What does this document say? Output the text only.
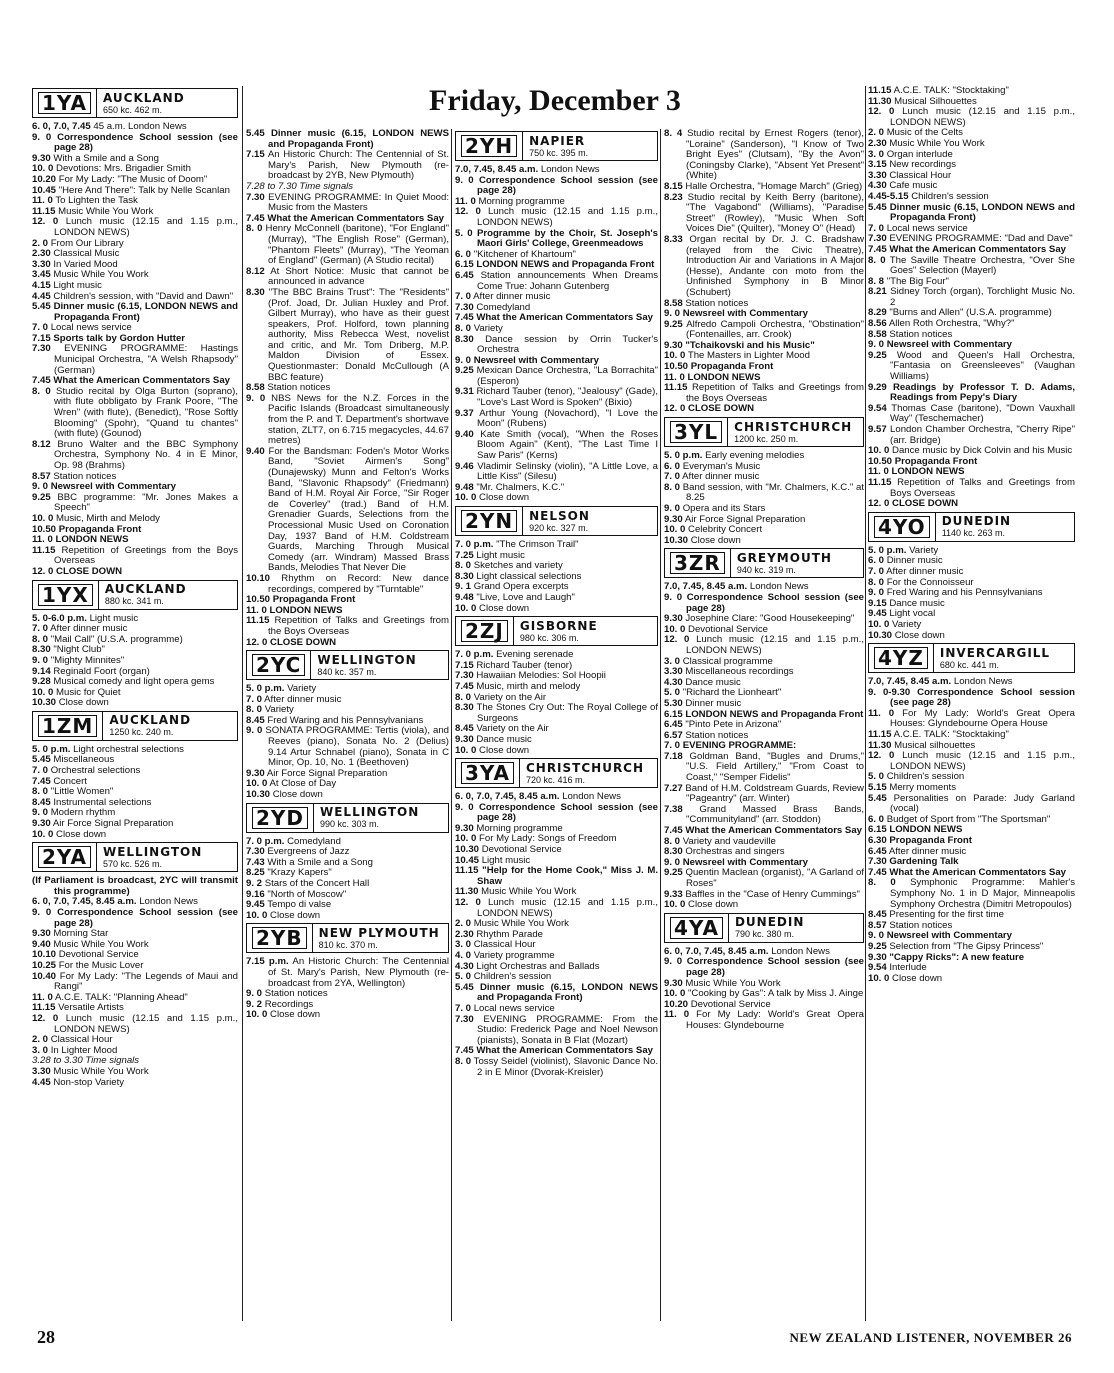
Friday, December 3
1YA	AUCKLAND
650 kc. 462 m.

6. 0, 7.0, 7.45 45 a.m. London News

9. 0 Correspondence School session (see page 28)

9.30 With a Smile and a Song

10. 0 Devotions: Mrs. Brigadier Smith

10.20 For My Lady: "The Music of Doom"

10.45 "Here And There": Talk by Nelle Scanlan

11. 0 To Lighten the Task

11.15 Music While You Work

12. 0 Lunch music (12.15 and 1.15 p.m., LONDON NEWS)

2. 0 From Our Library

2.30 Classical Music

3.30 In Varied Mood

3.45 Music While You Work

4.15 Light music

4.45 Children's session, with "David and Dawn"

5.45 Dinner music (6.15, LONDON NEWS and Propaganda Front)

7. 0 Local news service

7.15 Sports talk by Gordon Hutter

7.30 EVENING PROGRAMME: Hastings Municipal Orchestra, "A Welsh Rhapsody" (German)

7.45 What the American Commentators Say

8. 0 Studio recital by Olga Burton (soprano), with flute obbligato by Frank Poore, "The Wren" (with flute), (Benedict), "Rose Softly Blooming" (Spohr), "Quand tu chantes" (with flute) (Gounod)

8.12 Bruno Walter and the BBC Symphony Orchestra, Symphony No. 4 in E Minor, Op. 98 (Brahms)

8.57 Station notices

9. 0 Newsreel with Commentary

9.25 BBC programme: "Mr. Jones Makes a Speech"

10. 0 Music, Mirth and Melody

10.50 Propaganda Front

11. 0 LONDON NEWS

11.15 Repetition of Greetings from the Boys Overseas

12. 0 CLOSE DOWN

1YX	AUCKLAND
880 kc. 341 m.

5. 0-6.0 p.m. Light music

7. 0 After dinner music

8. 0 "Mail Call" (U.S.A. programme)

8.30 "Night Club"

9. 0 "Mighty Minnites"

9.14 Reginald Foort (organ)

9.28 Musical comedy and light opera gems

10. 0 Music for Quiet

10.30 Close down

1ZM	AUCKLAND
1250 kc. 240 m.

5. 0 p.m. Light orchestral selections

5.45 Miscellaneous

7. 0 Orchestral selections

7.45 Concert

8. 0 "Little Women"

8.45 Instrumental selections

9. 0 Modern rhythm

9.30 Air Force Signal Preparation

10. 0 Close down

2YA	WELLINGTON
570 kc. 526 m.

(If Parliament is broadcast, 2YC will transmit this programme)

6. 0, 7.0, 7.45, 8.45 a.m. London News

9. 0 Correspondence School session (see page 28)

9.30 Morning Star

9.40 Music While You Work

10.10 Devotional Service

10.25 For the Music Lover

10.40 For My Lady: "The Legends of Maui and Rangi"

11. 0 A.C.E. TALK: "Planning Ahead"

11.15 Versatile Artists

12. 0 Lunch music (12.15 and 1.15 p.m., LONDON NEWS)

2. 0 Classical Hour

3. 0 In Lighter Mood

3.28 to 3.30 Time signals

3.30 Music While You Work

4.45 Non-stop Variety

5.45 Dinner music (6.15, LONDON NEWS and Propaganda Front)

7.15 An Historic Church: The Centennial of St. Mary's Parish, New Plymouth (re-broadcast by 2YB, New Plymouth)

7.28 to 7.30 Time signals

7.30 EVENING PROGRAMME: In Quiet Mood: Music from the Masters

7.45 What the American Commentators Say

8. 0 Henry McConnell (baritone), "For England" (Murray), "The English Rose" (German), "Phantom Fleets" (Murray), "The Yeoman of England" (German) (A Studio recital)

8.12 At Short Notice: Music that cannot be announced in advance

8.30 "The BBC Brains Trust": The "Residents" (Prof. Joad, Dr. Julian Huxley and Prof. Gilbert Murray), who have as their guest speakers, Prof. Holford, town planning authority, Miss Rebecca West, novelist and critic, and Mr. Tom Driberg, M.P. Maldon Division of Essex. Questionmaster: Donald McCullough (A BBC feature)

8.58 Station notices

9. 0 NBS News for the N.Z. Forces in the Pacific Islands (Broadcast simultaneously from the P. and T. Department's shortwave station, ZLT7, on 6.715 megacycles, 44.67 metres)

9.40 For the Bandsman: Foden's Motor Works Band, "Soviet Airmen's Song" (Dunajewsky) Munn and Felton's Works Band, "Slavonic Rhapsody" (Friedmann) Band of H.M. Royal Air Force, "Sir Roger de Coverley" (trad.) Band of H.M. Grenadier Guards, Selections from the Processional Music Used on Coronation Day, 1937 Band of H.M. Coldstream Guards, Marching Through Musical Comedy (arr. Windram) Massed Brass Bands, Melodies That Never Die

10.10 Rhythm on Record: New dance recordings, compered by "Turntable"

10.50 Propaganda Front

11. 0 LONDON NEWS

11.15 Repetition of Talks and Greetings from the Boys Overseas

12. 0 CLOSE DOWN

2YC	WELLINGTON
840 kc. 357 m.

5. 0 p.m. Variety

7. 0 After dinner music

8. 0 Variety

8.45 Fred Waring and his Pennsylvanians

9. 0 SONATA PROGRAMME: Tertis (viola), and Reeves (piano), Sonata No. 2 (Delius) 9.14 Artur Schnabel (piano), Sonata in C Minor, Op. 10, No. 1 (Beethoven)

9.30 Air Force Signal Preparation

10. 0 At Close of Day

10.30 Close down

2YD	WELLINGTON
990 kc. 303 m.

7. 0 p.m. Comedyland

7.30 Evergreens of Jazz

7.43 With a Smile and a Song

8.25 "Krazy Kapers"

9. 2 Stars of the Concert Hall

9.16 "North of Moscow"

9.45 Tempo di valse

10. 0 Close down

2YB	NEW PLYMOUTH
810 kc. 370 m.

7.15 p.m. An Historic Church: The Centennial of St. Mary's Parish, New Plymouth (re-broadcast from 2YA, Wellington)

9. 0 Station notices

9. 2 Recordings

10. 0 Close down

2YH	NAPIER
750 kc. 395 m.

7.0, 7.45, 8.45 a.m. London News

9. 0 Correspondence School session (see page 28)

11. 0 Morning programme

12. 0 Lunch music (12.15 and 1.15 p.m., LONDON NEWS)

5. 0 Programme by the Choir, St. Joseph's Maori Girls' College, Greenmeadows

6. 0 "Kitchener of Khartoum"

6.15 LONDON NEWS and Propaganda Front

6.45 Station announcements When Dreams Come True: Johann Gutenberg

7. 0 After dinner music

7.30 Comedyland

7.45 What the American Commentators Say

8. 0 Variety

8.30 Dance session by Orrin Tucker's Orchestra

9. 0 Newsreel with Commentary

9.25 Mexican Dance Orchestra, "La Borrachita" (Esperon)

9.31 Richard Tauber (tenor), "Jealousy" (Gade), "Love's Last Word is Spoken" (Bixio)

9.37 Arthur Young (Novachord), "I Love the Moon" (Rubens)

9.40 Kate Smith (vocal), "When the Roses Bloom Again" (Kent), "The Last Time I Saw Paris" (Kerns)

9.46 Vladimir Selinsky (violin), "A Little Love, a Little Kiss" (Silesu)

9.48 "Mr. Chalmers, K.C."

10. 0 Close down

2YN	NELSON
920 kc. 327 m.

7. 0 p.m. "The Crimson Trail"

7.25 Light music

8. 0 Sketches and variety

8.30 Light classical selections

9. 1 Grand Opera excerpts

9.48 "Live, Love and Laugh"

10. 0 Close down

2ZJ	GISBORNE
980 kc. 306 m.

7. 0 p.m. Evening serenade

7.15 Richard Tauber (tenor)

7.30 Hawaiian Melodies: Sol Hoopii

7.45 Music, mirth and melody

8. 0 Variety on the Air

8.30 The Stones Cry Out: The Royal College of Surgeons

8.45 Variety on the Air

9.30 Dance music

10. 0 Close down

3YA	CHRISTCHURCH
720 kc. 416 m.

6. 0, 7.0, 7.45, 8.45 a.m. London News

9. 0 Correspondence School session (see page 28)

9.30 Morning programme

10. 0 For My Lady: Songs of Freedom

10.30 Devotional Service

10.45 Light music

11.15 "Help for the Home Cook," Miss J. M. Shaw

11.30 Music While You Work

12. 0 Lunch music (12.15 and 1.15 p.m., LONDON NEWS)

2. 0 Music While You Work

2.30 Rhythm Parade

3. 0 Classical Hour

4. 0 Variety programme

4.30 Light Orchestras and Ballads

5. 0 Children's session

5.45 Dinner music (6.15, LONDON NEWS and Propaganda Front)

7. 0 Local news service

7.30 EVENING PROGRAMME: From the Studio: Frederick Page and Noel Newson (pianists), Sonata in B Flat (Mozart)

7.45 What the American Commentators Say

8. 0 Tossy Seidel (violinist), Slavonic Dance No. 2 in E Minor (Dvorak-Kreisler)

8. 4 Studio recital by Ernest Rogers (tenor), "Loraine" (Sanderson), "I Know of Two Bright Eyes" (Clutsam), "By the Avon" (Coningsby Clarke), "Absent Yet Present" (White)

8.15 Halle Orchestra, "Homage March" (Grieg)

8.23 Studio recital by Keith Berry (baritone), "The Vagabond" (Williams), "Paradise Street" (Rowley), "Music When Soft Voices Die" (Quilter), "Money O" (Head)

8.33 Organ recital by Dr. J. C. Bradshaw (relayed from the Civic Theatre), Introduction Air and Variations in A Major (Hesse), Andante con moto from the Unfinished Symphony in B Minor (Schubert)

8.58 Station notices

9. 0 Newsreel with Commentary

9.25 Alfredo Campoli Orchestra, "Obstination" (Fontenailles, arr. Crook)

9.30 "Tchaikovski and his Music"

10. 0 The Masters in Lighter Mood

10.50 Propaganda Front

11. 0 LONDON NEWS

11.15 Repetition of Talks and Greetings from the Boys Overseas

12. 0 CLOSE DOWN

3YL	CHRISTCHURCH
1200 kc. 250 m.

5. 0 p.m. Early evening melodies

6. 0 Everyman's Music

7. 0 After dinner music

8. 0 Band session, with "Mr. Chalmers, K.C." at 8.25

9. 0 Opera and its Stars

9.30 Air Force Signal Preparation

10. 0 Celebrity Concert

10.30 Close down

3ZR	GREYMOUTH
940 kc. 319 m.

7.0, 7.45, 8.45 a.m. London News

9. 0 Correspondence School session (see page 28)

9.30 Josephine Clare: "Good Housekeeping"

10. 0 Devotional Service

12. 0 Lunch music (12.15 and 1.15 p.m., LONDON NEWS)

3. 0 Classical programme

3.30 Miscellaneous recordings

4.30 Dance music

5. 0 "Richard the Lionheart"

5.30 Dinner music

6.15 LONDON NEWS and Propaganda Front

6.45 "Pinto Pete in Arizona"

6.57 Station notices

7. 0 EVENING PROGRAMME:

7.18 Goldman Band, "Bugles and Drums," "U.S. Field Artillery," "From Coast to Coast," "Semper Fidelis"

7.27 Band of H.M. Coldstream Guards, Review "Pageantry" (arr. Winter)

7.38 Grand Massed Brass Bands, "Communityland" (arr. Stoddon)

7.45 What the American Commentators Say

8. 0 Variety and vaudeville

8.30 Orchestras and singers

9. 0 Newsreel with Commentary

9.25 Quentin Maclean (organist), "A Garland of Roses"

9.33 Baffles in the "Case of Henry Cummings"

10. 0 Close down

4YA	DUNEDIN
790 kc. 380 m.

6. 0, 7.0, 7.45, 8.45 a.m. London News

9. 0 Correspondence School session (see page 28)

9.30 Music While You Work

10. 0 "Cooking by Gas": A talk by Miss J. Ainge

10.20 Devotional Service

11. 0 For My Lady: World's Great Opera Houses: Glyndebourne

11.15 A.C.E. TALK: "Stocktaking"

11.30 Musical Silhouettes

12. 0 Lunch music (12.15 and 1.15 p.m., LONDON NEWS)

2. 0 Music of the Celts

2.30 Music While You Work

3. 0 Organ interlude

3.15 New recordings

3.30 Classical Hour

4.30 Cafe music

4.45-5.15 Children's session

5.45 Dinner music (6.15, LONDON NEWS and Propaganda Front)

7. 0 Local news service

7.30 EVENING PROGRAMME: "Dad and Dave"

7.45 What the American Commentators Say

8. 0 The Saville Theatre Orchestra, "Over She Goes" Selection (Mayerl)

8. 8 "The Big Four"

8.21 Sidney Torch (organ), Torchlight Music No. 2

8.29 "Burns and Allen" (U.S.A. programme)

8.56 Allen Roth Orchestra, "Why?"

8.58 Station notices

9. 0 Newsreel with Commentary

9.25 Wood and Queen's Hall Orchestra, "Fantasia on Greensleeves" (Vaughan Williams)

9.29 Readings by Professor T. D. Adams, Readings from Pepy's Diary

9.54 Thomas Case (baritone), "Down Vauxhall Way" (Teschemacher)

9.57 London Chamber Orchestra, "Cherry Ripe" (arr. Bridge)

10. 0 Dance music by Dick Colvin and his Music

10.50 Propaganda Front

11. 0 LONDON NEWS

11.15 Repetition of Talks and Greetings from Boys Overseas

12. 0 CLOSE DOWN

4YO	DUNEDIN
1140 kc. 263 m.

5. 0 p.m. Variety

6. 0 Dinner music

7. 0 After dinner music

8. 0 For the Connoisseur

9. 0 Fred Waring and his Pennsylvanians

9.15 Dance music

9.45 Light vocal

10. 0 Variety

10.30 Close down

4YZ	INVERCARGILL
680 kc. 441 m.

7.0, 7.45, 8.45 a.m. London News

9. 0-9.30 Correspondence School session (see page 28)

11. 0 For My Lady: World's Great Opera Houses: Glyndebourne Opera House

11.15 A.C.E. TALK: "Stocktaking"

11.30 Musical silhouettes

12. 0 Lunch music (12.15 and 1.15 p.m., LONDON NEWS)

5. 0 Children's session

5.15 Merry moments

5.45 Personalities on Parade: Judy Garland (vocal)

6. 0 Budget of Sport from "The Sportsman"

6.15 LONDON NEWS

6.30 Propaganda Front

6.45 After dinner music

7.30 Gardening Talk

7.45 What the American Commentators Say

8. 0 Symphonic Programme: Mahler's Symphony No. 1 in D Major, Minneapolis Symphony Orchestra (Dimitri Metropoulos)

8.45 Presenting for the first time

8.57 Station notices

9. 0 Newsreel with Commentary

9.25 Selection from "The Gipsy Princess"

9.30 "Cappy Ricks": A new feature

9.54 Interlude

10. 0 Close down

28	NEW ZEALAND LISTENER, NOVEMBER 26
